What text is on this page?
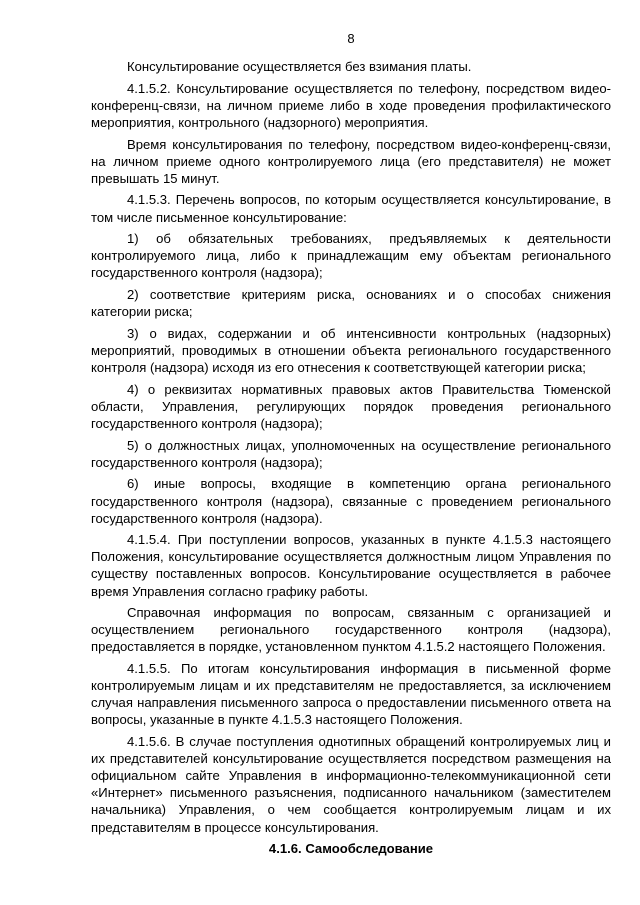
8

Консультирование осуществляется без взимания платы.

4.1.5.2. Консультирование осуществляется по телефону, посредством видео-конференц-связи, на личном приеме либо в ходе проведения профилактического мероприятия, контрольного (надзорного) мероприятия.

Время консультирования по телефону, посредством видео-конференц-связи, на личном приеме одного контролируемого лица (его представителя) не может превышать 15 минут.

4.1.5.3. Перечень вопросов, по которым осуществляется консультирование, в том числе письменное консультирование:

1) об обязательных требованиях, предъявляемых к деятельности контролируемого лица, либо к принадлежащим ему объектам регионального государственного контроля (надзора);

2) соответствие критериям риска, основаниях и о способах снижения категории риска;

3) о видах, содержании и об интенсивности контрольных (надзорных) мероприятий, проводимых в отношении объекта регионального государственного контроля (надзора) исходя из его отнесения к соответствующей категории риска;

4) о реквизитах нормативных правовых актов Правительства Тюменской области, Управления, регулирующих порядок проведения регионального государственного контроля (надзора);

5) о должностных лицах, уполномоченных на осуществление регионального государственного контроля (надзора);

6) иные вопросы, входящие в компетенцию органа регионального государственного контроля (надзора), связанные с проведением регионального государственного контроля (надзора).

4.1.5.4. При поступлении вопросов, указанных в пункте 4.1.5.3 настоящего Положения, консультирование осуществляется должностным лицом Управления по существу поставленных вопросов. Консультирование осуществляется в рабочее время Управления согласно графику работы.

Справочная информация по вопросам, связанным с организацией и осуществлением регионального государственного контроля (надзора), предоставляется в порядке, установленном пунктом 4.1.5.2 настоящего Положения.

4.1.5.5. По итогам консультирования информация в письменной форме контролируемым лицам и их представителям не предоставляется, за исключением случая направления письменного запроса о предоставлении письменного ответа на вопросы, указанные в пункте 4.1.5.3 настоящего Положения.

4.1.5.6. В случае поступления однотипных обращений контролируемых лиц и их представителей консультирование осуществляется посредством размещения на официальном сайте Управления в информационно-телекоммуникационной сети «Интернет» письменного разъяснения, подписанного начальником (заместителем начальника) Управления, о чем сообщается контролируемым лицам и их представителям в процессе консультирования.

4.1.6. Самообследование
